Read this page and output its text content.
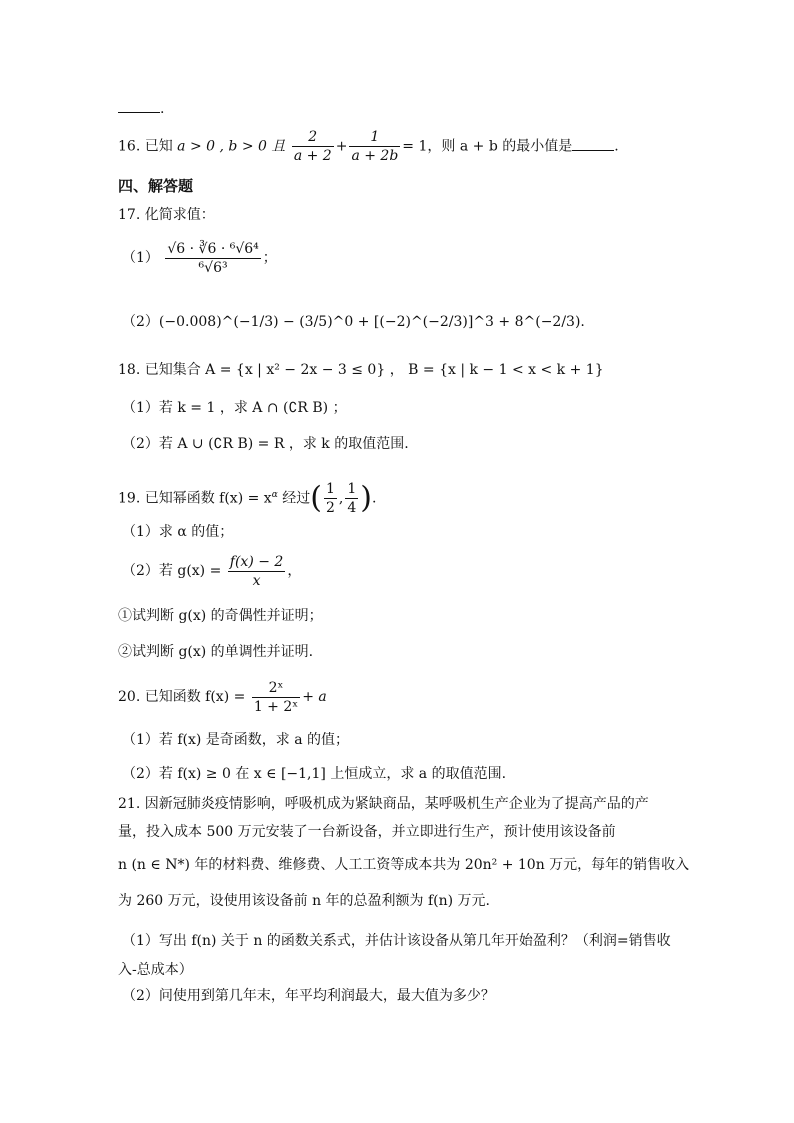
.
16. 已知 a > 0 , b > 0 且 $\frac{2}{a + 2} + \frac{1}{a + 2b} = 1$，则 a + b 的最小值是	.
四、解答题
17. 化简求值：
$(1) \frac{\text{√6 · ∛6 · ⁶√6⁴}}{\text{⁶√6³}}$ ；
（2）(−0.008)^(−1/3) − (3/5)^0 + [(−2)^(−2/3)]^3 + 8^(−2/3).
18. 已知集合 A = {x | x² − 2x − 3 ≤ 0} ， B = {x | k − 1 < x < k + 1}
（1）若 k = 1 ，求 A ∩ (∁R B) ；
（2）若 A ∪ (∁R B) = R ，求 k 的取值范围.
19. 已知幂函数 $f(x) = x^\alpha$ 经过( $\frac{1}{2}$ , $\frac{1}{4}$ ).
（1）求 α 的值；
（2）若 $g(x) = \frac{f(x) - 2}{x}$ ，
①试判断 g(x) 的奇偶性并证明；
②试判断 g(x) 的单调性并证明.
20. 已知函数 $f(x) = \frac{\text{2ˣ}}{\text{1 + 2ˣ}} + a$
（1）若 f(x) 是奇函数，求 a 的值；
（2）若 f(x) ≥ 0 在 x ∈ [−1,1] 上恒成立，求 a 的取值范围.
21. 因新冠肺炎疫情影响，呼吸机成为紧缺商品，某呼吸机生产企业为了提高产品的产
量，投入成本 500 万元安装了一台新设备，并立即进行生产，预计使用该设备前
n (n ∈ N*) 年的材料费、维修费、人工工资等成本共为 20n² + 10n 万元，每年的销售收入
为 260 万元，设使用该设备前 n 年的总盈利额为 f(n) 万元.
（1）写出 f(n) 关于 n 的函数关系式，并估计该设备从第几年开始盈利？（利润=销售收
入-总成本）
（2）问使用到第几年末，年平均利润最大，最大值为多少？
